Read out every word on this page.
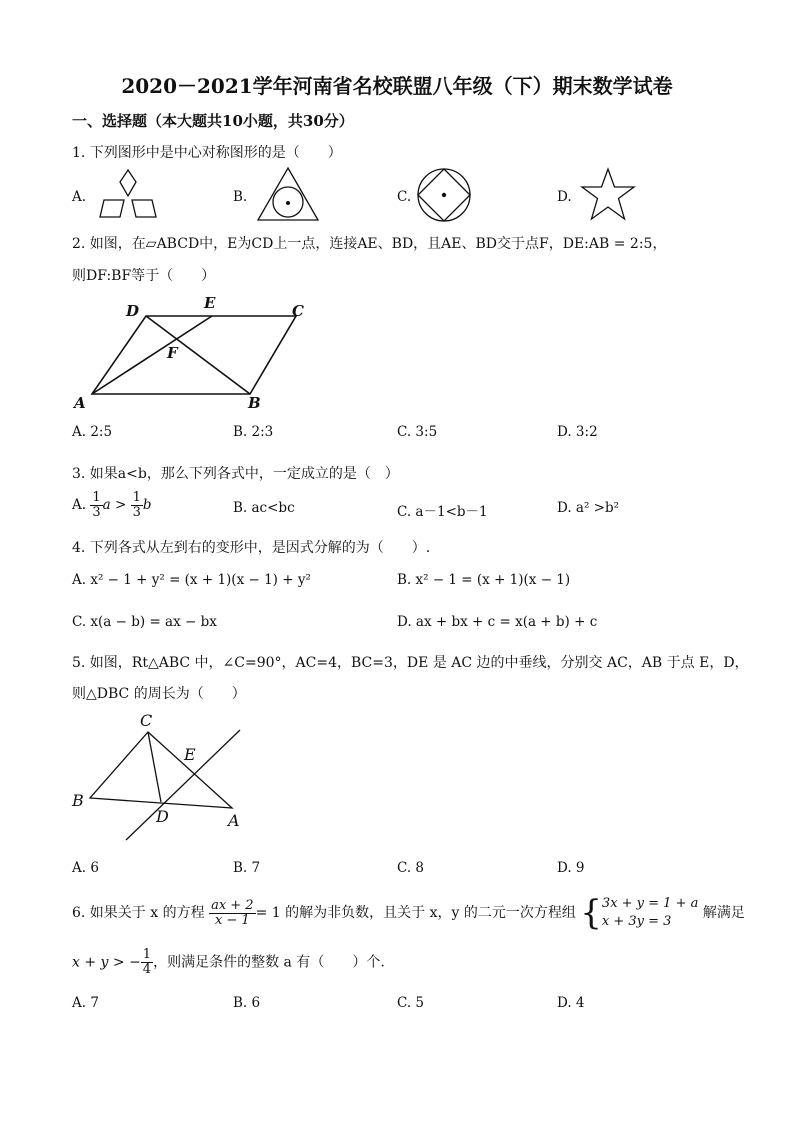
2020－2021学年河南省名校联盟八年级（下）期末数学试卷
一、选择题（本大题共10小题，共30分）
1. 下列图形中是中心对称图形的是（　　）
A.	B.	C.	D.
2. 如图，在▱ABCD中，E为CD上一点，连接AE、BD，且AE、BD交于点F，DE:AB = 2:5，
则DF:BF等于（　　）
D	E	C
F
A	B
A. 2:5	B. 2:3	C. 3:5	D. 3:2
3. 如果a<b，那么下列各式中，一定成立的是（　）
A. $\frac{1}{3}$ $a > \frac{1}{3}$ b	B. ac<bc	C. a－1<b－1	D. a² >b²
4. 下列各式从左到右的变形中，是因式分解的为（　　）.
A. x² − 1 + y² = (x + 1)(x − 1) + y²	B. x² − 1 = (x + 1)(x − 1)
C. x(a − b) = ax − bx	D. ax + bx + c = x(a + b) + c
5. 如图，Rt△ABC 中，∠C=90°，AC=4，BC=3，DE 是 AC 边的中垂线，分别交 AC，AB 于点 E，D，
则△DBC 的周长为（　　）
C
E
B
D	A
A. 6	B. 7	C. 8	D. 9
6. 如果关于 x 的方程 $\frac{ax + 2}{x - 1} = 1$ 的解为非负数，且关于 x，y 的二元一次方程组 { 3x + y = 1 + a
x + 3y = 3
解满足
x + y > − $\frac{1}{4}$ ，则满足条件的整数 a 有（　　）个.
A. 7	B. 6	C. 5	D. 4
